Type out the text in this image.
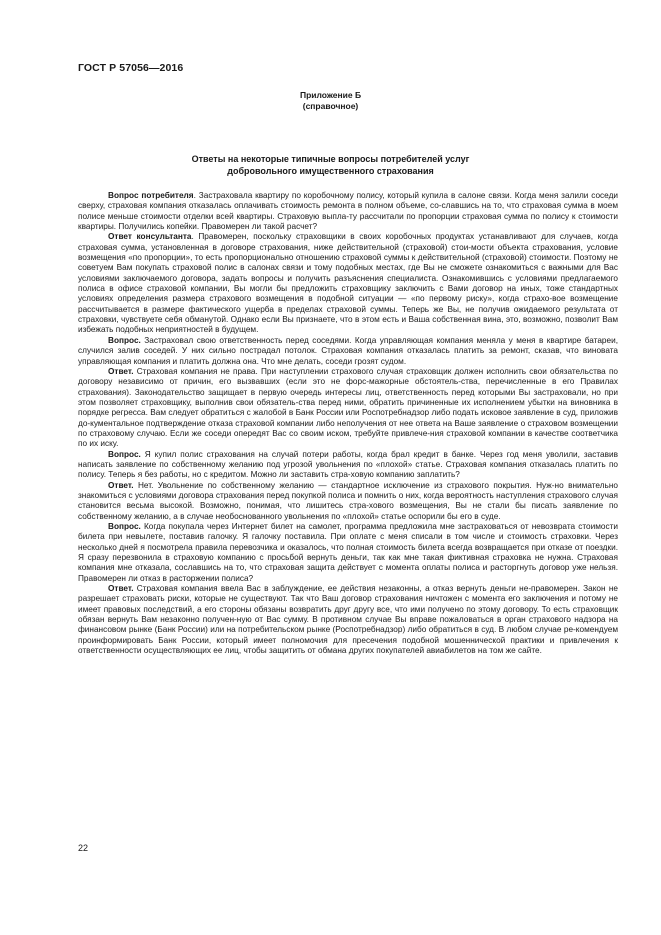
ГОСТ Р 57056—2016
Приложение Б
(справочное)
Ответы на некоторые типичные вопросы потребителей услуг
добровольного имущественного страхования

Вопрос потребителя. Застраховала квартиру по коробочному полису, который купила в салоне связи. Когда меня залили соседи сверху, страховая компания отказалась оплачивать стоимость ремонта в полном объеме, со-славшись на то, что страховая сумма в моем полисе меньше стоимости отделки всей квартиры. Страховую выпла-ту рассчитали по пропорции страховая сумма по полису к стоимости квартиры. Получились копейки. Правомерен ли такой расчет?

Ответ консультанта. Правомерен, поскольку страховщики в своих коробочных продуктах устанавливают для случаев, когда страховая сумма, установленная в договоре страхования, ниже действительной (страховой) стои-мости объекта страхования, условие возмещения «по пропорции», то есть пропорционально отношению страховой суммы к действительной (страховой) стоимости. Поэтому не советуем Вам покупать страховой полис в салонах связи и тому подобных местах, где Вы не сможете ознакомиться с важными для Вас условиями заключаемого договора, задать вопросы и получить разъяснения специалиста. Ознакомившись с условиями предлагаемого полиса в офисе страховой компании, Вы могли бы предложить страховщику заключить с Вами договор на иных, тоже стандартных условиях определения размера страхового возмещения в подобной ситуации — «по первому риску», когда страхо-вое возмещение рассчитывается в размере фактического ущерба в пределах страховой суммы. Теперь же Вы, не получив ожидаемого результата от страховки, чувствуете себя обманутой. Однако если Вы признаете, что в этом есть и Ваша собственная вина, это, возможно, позволит Вам избежать подобных неприятностей в будущем.

Вопрос. Застраховал свою ответственность перед соседями. Когда управляющая компания меняла у меня в квартире батареи, случился залив соседей. У них сильно пострадал потолок. Страховая компания отказалась платить за ремонт, сказав, что виновата управляющая компания и платить должна она. Что мне делать, соседи грозят судом.

Ответ. Страховая компания не права. При наступлении страхового случая страховщик должен исполнить свои обязательства по договору независимо от причин, его вызвавших (если это не форс-мажорные обстоятель-ства, перечисленные в его Правилах страхования). Законодательство защищает в первую очередь интересы лиц, ответственность перед которыми Вы застраховали, но при этом позволяет страховщику, выполнив свои обязатель-ства перед ними, обратить причиненные их исполнением убытки на виновника в порядке регресса. Вам следует обратиться с жалобой в Банк России или Роспотребнадзор либо подать исковое заявление в суд, приложив до-кументальное подтверждение отказа страховой компании либо неполучения от нее ответа на Ваше заявление о страховом возмещении по страховому случаю. Если же соседи опередят Вас со своим иском, требуйте привлече-ния страховой компании в качестве соответчика по их иску.

Вопрос. Я купил полис страхования на случай потери работы, когда брал кредит в банке. Через год меня уволили, заставив написать заявление по собственному желанию под угрозой увольнения по «плохой» статье. Страховая компания отказалась платить по полису. Теперь я без работы, но с кредитом. Можно ли заставить стра-ховую компанию заплатить?

Ответ. Нет. Увольнение по собственному желанию — стандартное исключение из страхового покрытия. Нуж-но внимательно знакомиться с условиями договора страхования перед покупкой полиса и помнить о них, когда вероятность наступления страхового случая становится весьма высокой. Возможно, понимая, что лишитесь стра-хового возмещения, Вы не стали бы писать заявление по собственному желанию, а в случае необоснованного увольнения по «плохой» статье оспорили бы его в суде.

Вопрос. Когда покупала через Интернет билет на самолет, программа предложила мне застраховаться от невозврата стоимости билета при невылете, поставив галочку. Я галочку поставила. При оплате с меня списали в том числе и стоимость страховки. Через несколько дней я посмотрела правила перевозчика и оказалось, что полная стоимость билета всегда возвращается при отказе от поездки. Я сразу перезвонила в страховую компанию с просьбой вернуть деньги, так как мне такая фиктивная страховка не нужна. Страховая компания мне отказала, сославшись на то, что страховая защита действует с момента оплаты полиса и расторгнуть договор уже нельзя. Правомерен ли отказ в расторжении полиса?

Ответ. Страховая компания ввела Вас в заблуждение, ее действия незаконны, а отказ вернуть деньги не-правомерен. Закон не разрешает страховать риски, которые не существуют. Так что Ваш договор страхования ничтожен с момента его заключения и потому не имеет правовых последствий, а его стороны обязаны возвратить друг другу все, что ими получено по этому договору. То есть страховщик обязан вернуть Вам незаконно получен-ную от Вас сумму. В противном случае Вы вправе пожаловаться в орган страхового надзора на финансовом рынке (Банк России) или на потребительском рынке (Роспотребнадзор) либо обратиться в суд. В любом случае ре-комендуем проинформировать Банк России, который имеет полномочия для пресечения подобной мошеннической практики и привлечения к ответственности осуществляющих ее лиц, чтобы защитить от обмана других покупателей авиабилетов на том же сайте.

22
